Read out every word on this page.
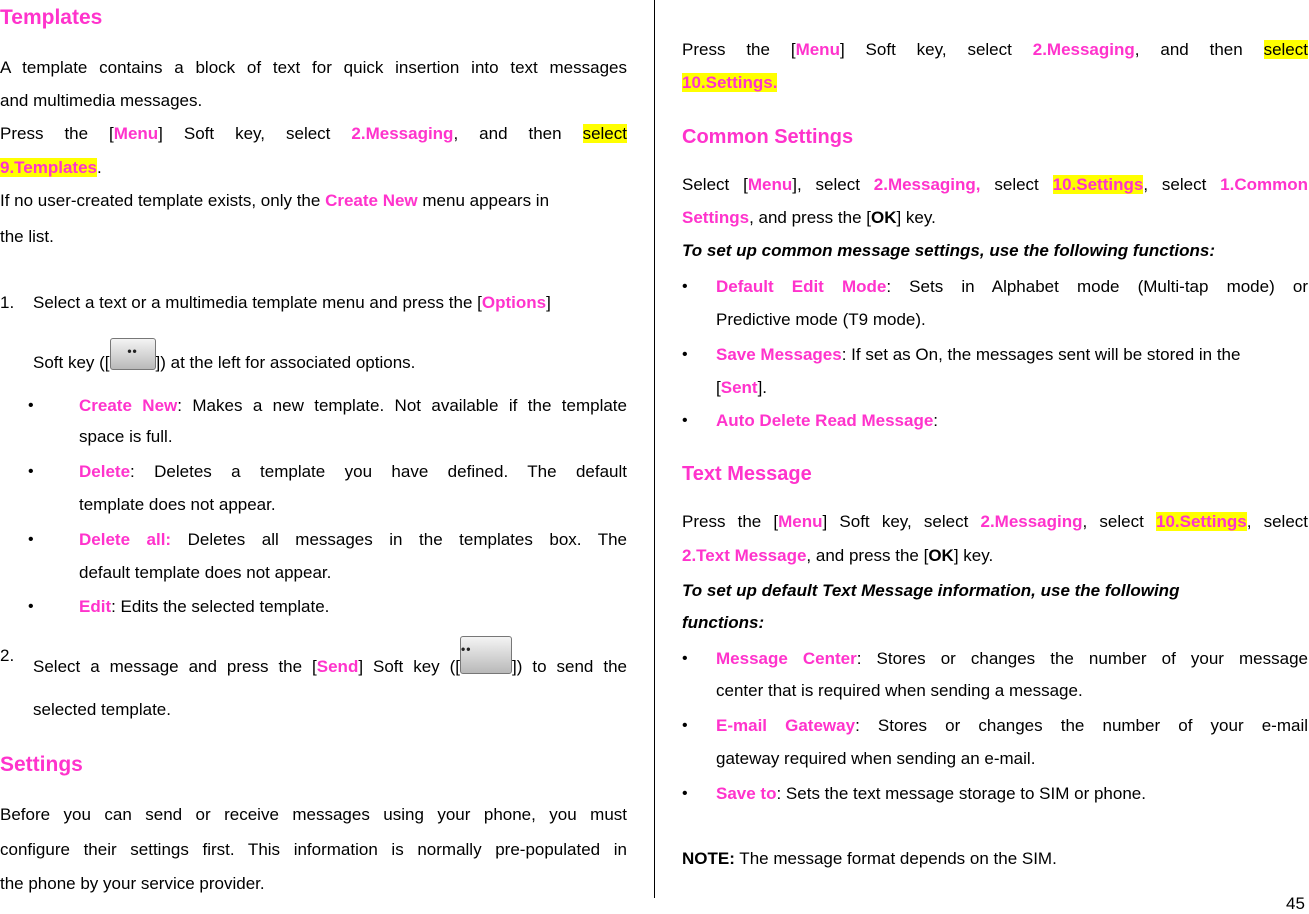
Templates
A template contains a block of text for quick insertion into text messages
and multimedia messages.
Press the [Menu] Soft key, select 2.Messaging, and then select
9.Templates.
If no user-created template exists, only the Create New menu appears in
the list.
1. Select a text or a multimedia template menu and press the [Options]
Soft key ([
••
]) at the left for associated options.
•	Create New: Makes a new template. Not available if the template
space is full.
•	Delete: Deletes a template you have defined. The default
template does not appear.
•	Delete all: Deletes all messages in the templates box. The
default template does not appear.
•	Edit: Edits the selected template.
2.
Select a message and press the [Send] Soft key ([
••
]) to send the
selected template.
Settings
Before you can send or receive messages using your phone, you must
configure their settings first. This information is normally pre-populated in
the phone by your service provider.
Press the [Menu] Soft key, select 2.Messaging, and then select
10.Settings.
Common Settings
Select [Menu], select 2.Messaging, select 10.Settings, select 1.Common
Settings, and press the [OK] key.
To set up common message settings, use the following functions:
• Default Edit Mode: Sets in Alphabet mode (Multi-tap mode) or
Predictive mode (T9 mode).
• Save Messages: If set as On, the messages sent will be stored in the
[Sent].
• Auto Delete Read Message:
Text Message
Press the [Menu] Soft key, select 2.Messaging, select 10.Settings, select
2.Text Message, and press the [OK] key.
To set up default Text Message information, use the following
functions:
• Message Center: Stores or changes the number of your message
center that is required when sending a message.
• E-mail Gateway: Stores or changes the number of your e-mail
gateway required when sending an e-mail.
• Save to: Sets the text message storage to SIM or phone.
NOTE: The message format depends on the SIM.
45
